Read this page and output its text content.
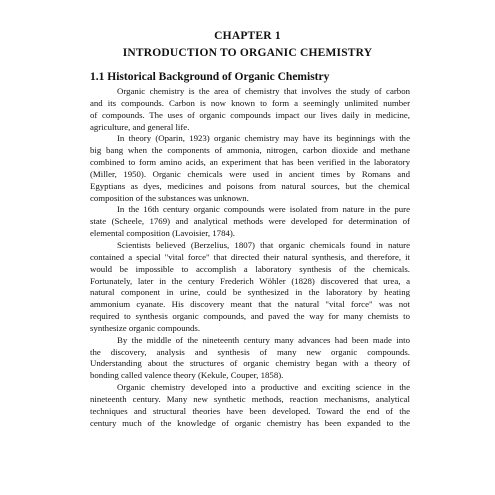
CHAPTER 1
INTRODUCTION TO ORGANIC CHEMISTRY
1.1 Historical Background of Organic Chemistry
Organic chemistry is the area of chemistry that involves the study of carbon
and its compounds. Carbon is now known to form a seemingly unlimited number
of compounds. The uses of organic compounds impact our lives daily in medicine,
agriculture, and general life.
In theory (Oparin, 1923) organic chemistry may have its beginnings with the
big bang when the components of ammonia, nitrogen, carbon dioxide and methane
combined to form amino acids, an experiment that has been verified in the laboratory
(Miller, 1950). Organic chemicals were used in ancient times by Romans and
Egyptians as dyes, medicines and poisons from natural sources, but the chemical
composition of the substances was unknown.
In the 16th century organic compounds were isolated from nature in the pure
state (Scheele, 1769) and analytical methods were developed for determination of
elemental composition (Lavoisier, 1784).
Scientists believed (Berzelius, 1807) that organic chemicals found in nature
contained a special "vital force" that directed their natural synthesis, and therefore, it
would be impossible to accomplish a laboratory synthesis of the chemicals.
Fortunately, later in the century Frederich Wöhler (1828) discovered that urea, a
natural component in urine, could be synthesized in the laboratory by heating
ammonium cyanate. His discovery meant that the natural "vital force" was not
required to synthesis organic compounds, and paved the way for many chemists to
synthesize organic compounds.
By the middle of the nineteenth century many advances had been made into
the discovery, analysis and synthesis of many new organic compounds.
Understanding about the structures of organic chemistry began with a theory of
bonding called valence theory (Kekule, Couper, 1858).
Organic chemistry developed into a productive and exciting science in the
nineteenth century. Many new synthetic methods, reaction mechanisms, analytical
techniques and structural theories have been developed. Toward the end of the
century much of the knowledge of organic chemistry has been expanded to the
